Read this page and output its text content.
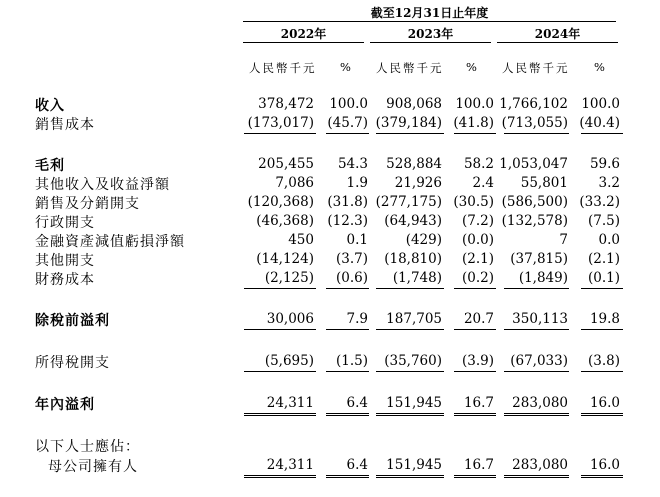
截至12月31日止年度
2022年	2023年	2024年
人民幣千元 % 人民幣千元 % 人民幣千元 %
收入	378,472 100.0 908,068 100.0 1,766,102 100.0
銷售成本	(173,017) (45.7) (379,184) (41.8) (713,055) (40.4)
毛利	205,455 54.3 528,884 58.2 1,053,047 59.6
其他收入及收益淨額	7,086 1.9 21,926 2.4 55,801 3.2
銷售及分銷開支	(120,368) (31.8) (277,175) (30.5) (586,500) (33.2)
行政開支	(46,368) (12.3) (64,943) (7.2) (132,578) (7.5)
金融資產減值虧損淨額	450 0.1	(429) (0.0)	7 0.0
其他開支	(14,124) (3.7) (18,810) (2.1) (37,815) (2.1)
財務成本	(2,125) (0.6) (1,748) (0.2) (1,849) (0.1)
除稅前溢利	30,006 7.9 187,705 20.7 350,113 19.8
所得稅開支	(5,695) (1.5) (35,760) (3.9) (67,033) (3.8)
年內溢利	24,311 6.4 151,945 16.7 283,080 16.0
以下人士應佔：
母公司擁有人	24,311 6.4 151,945 16.7 283,080 16.0
